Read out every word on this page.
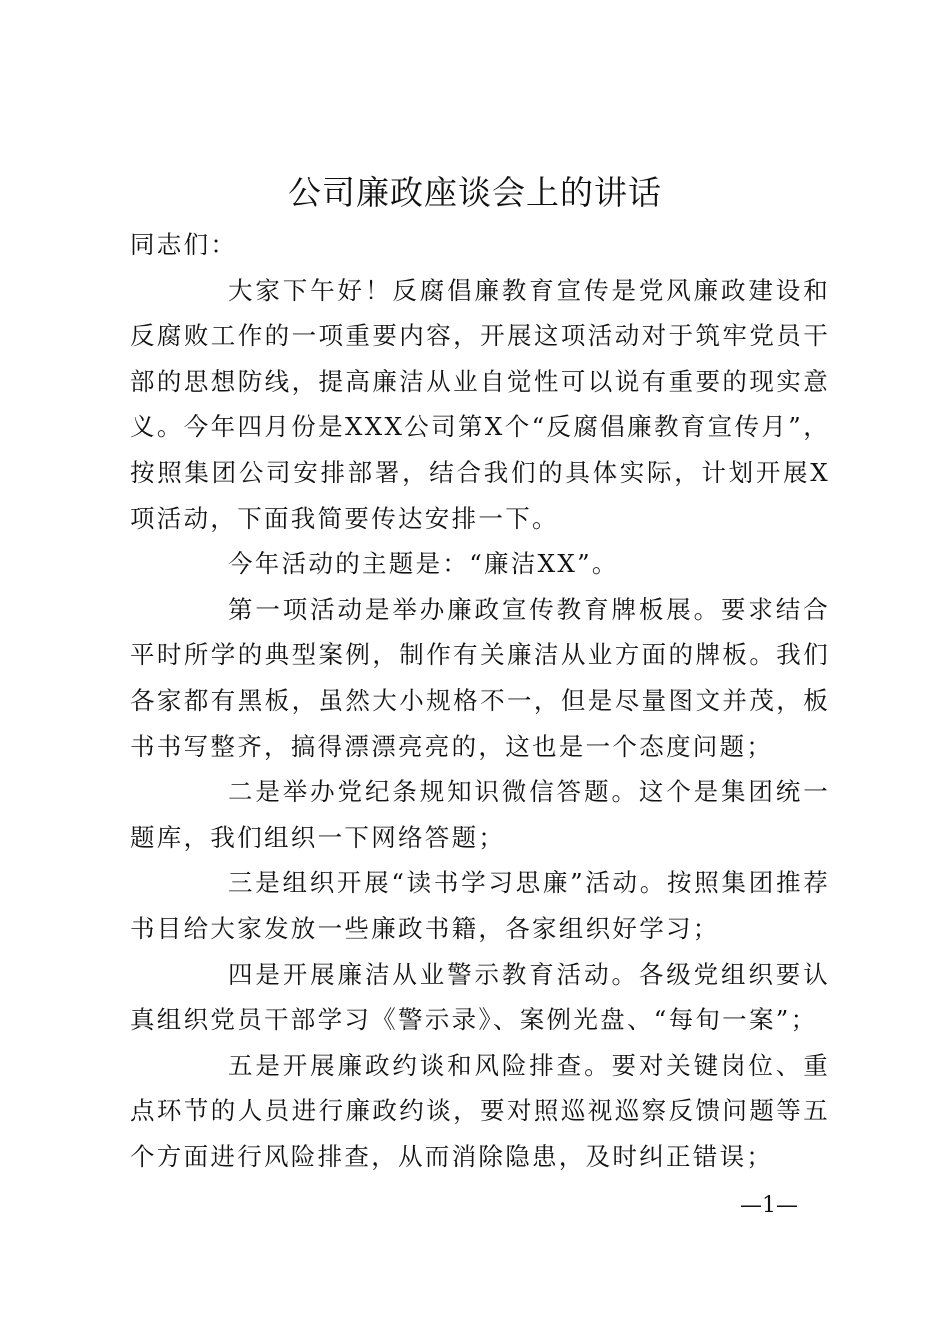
公司廉政座谈会上的讲话

同志们：

大家下午好！反腐倡廉教育宣传是党风廉政建设和反腐败工作的一项重要内容，开展这项活动对于筑牢党员干部的思想防线，提高廉洁从业自觉性可以说有重要的现实意义。今年四月份是XXX公司第X个“反腐倡廉教育宣传月”，按照集团公司安排部署，结合我们的具体实际，计划开展X项活动，下面我简要传达安排一下。

今年活动的主题是：“廉洁XX”。

第一项活动是举办廉政宣传教育牌板展。要求结合平时所学的典型案例，制作有关廉洁从业方面的牌板。我们各家都有黑板，虽然大小规格不一，但是尽量图文并茂，板书书写整齐，搞得漂漂亮亮的，这也是一个态度问题；

二是举办党纪条规知识微信答题。这个是集团统一题库，我们组织一下网络答题；

三是组织开展“读书学习思廉”活动。按照集团推荐书目给大家发放一些廉政书籍，各家组织好学习；

四是开展廉洁从业警示教育活动。各级党组织要认真组织党员干部学习《警示录》、案例光盘、“每旬一案”；

五是开展廉政约谈和风险排查。要对关键岗位、重点环节的人员进行廉政约谈，要对照巡视巡察反馈问题等五个方面进行风险排查，从而消除隐患，及时纠正错误；

—1—
